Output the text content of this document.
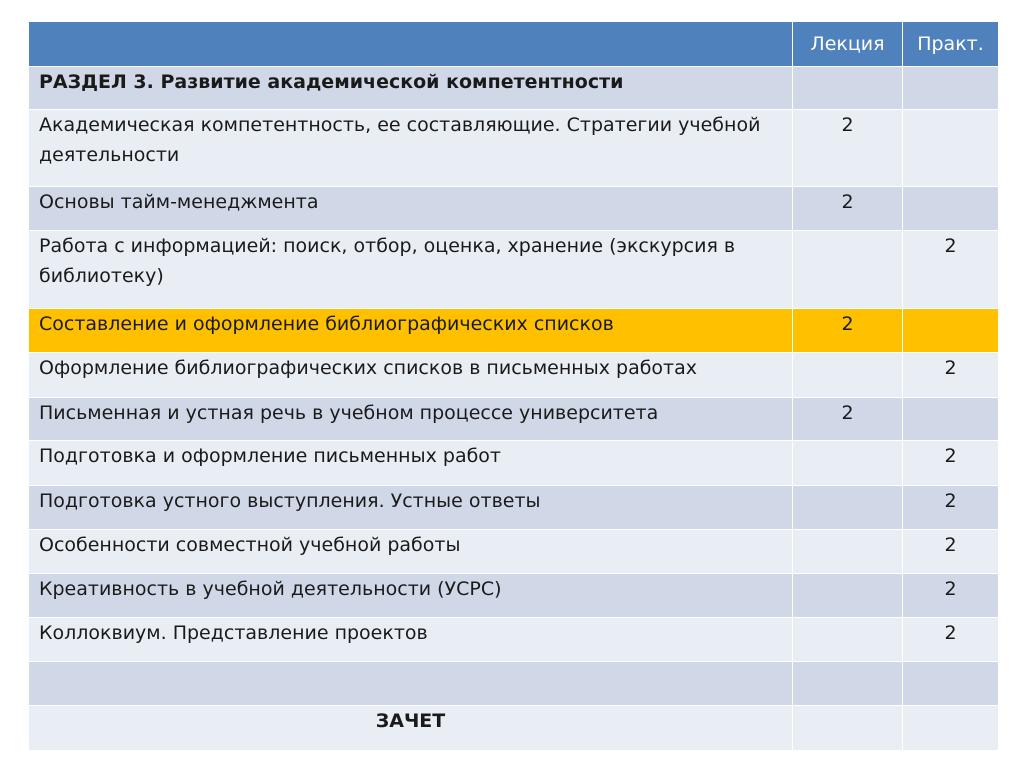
	Лекция	Практ.
РАЗДЕЛ 3. Развитие академической компетентности		
Академическая компетентность, ее составляющие. Стратегии учебной деятельности	2	
Основы тайм-менеджмента	2	
Работа с информацией: поиск, отбор, оценка, хранение (экскурсия в библиотеку)		2
Составление и оформление библиографических списков	2	
Оформление библиографических списков в письменных работах		2
Письменная и устная речь в учебном процессе университета	2	
Подготовка и оформление письменных работ		2
Подготовка устного выступления. Устные ответы		2
Особенности совместной учебной работы		2
Креативность в учебной деятельности (УСРС)		2
Коллоквиум. Представление проектов		2

ЗАЧЕТ		
